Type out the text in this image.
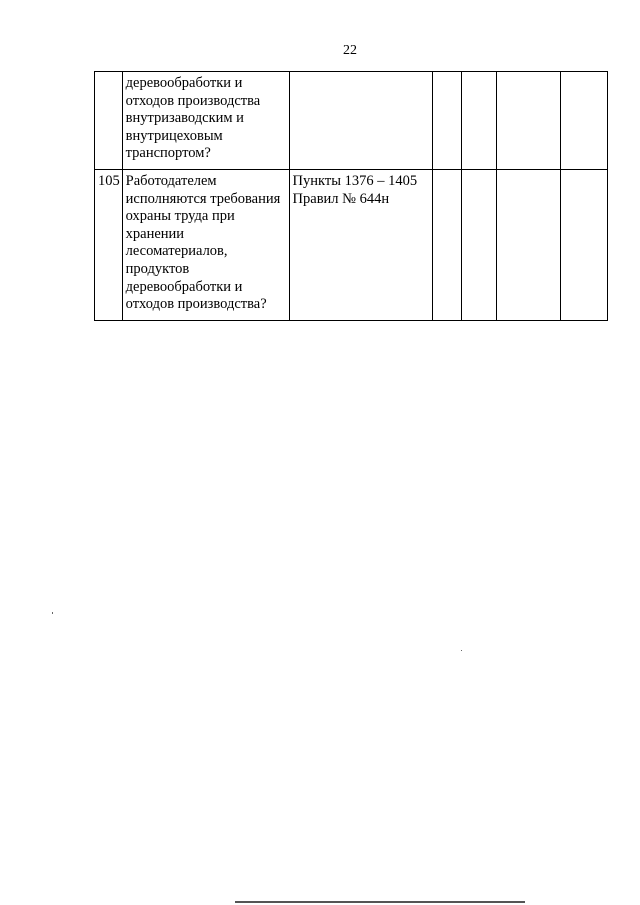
22
	деревообработки и отходов производства внутризаводским и внутрицеховым транспортом?					
105	Работодателем исполняются требования охраны труда при хранении лесоматериалов, продуктов деревообработки и отходов производства?	Пункты 1376 – 1405 Правил № 644н				
